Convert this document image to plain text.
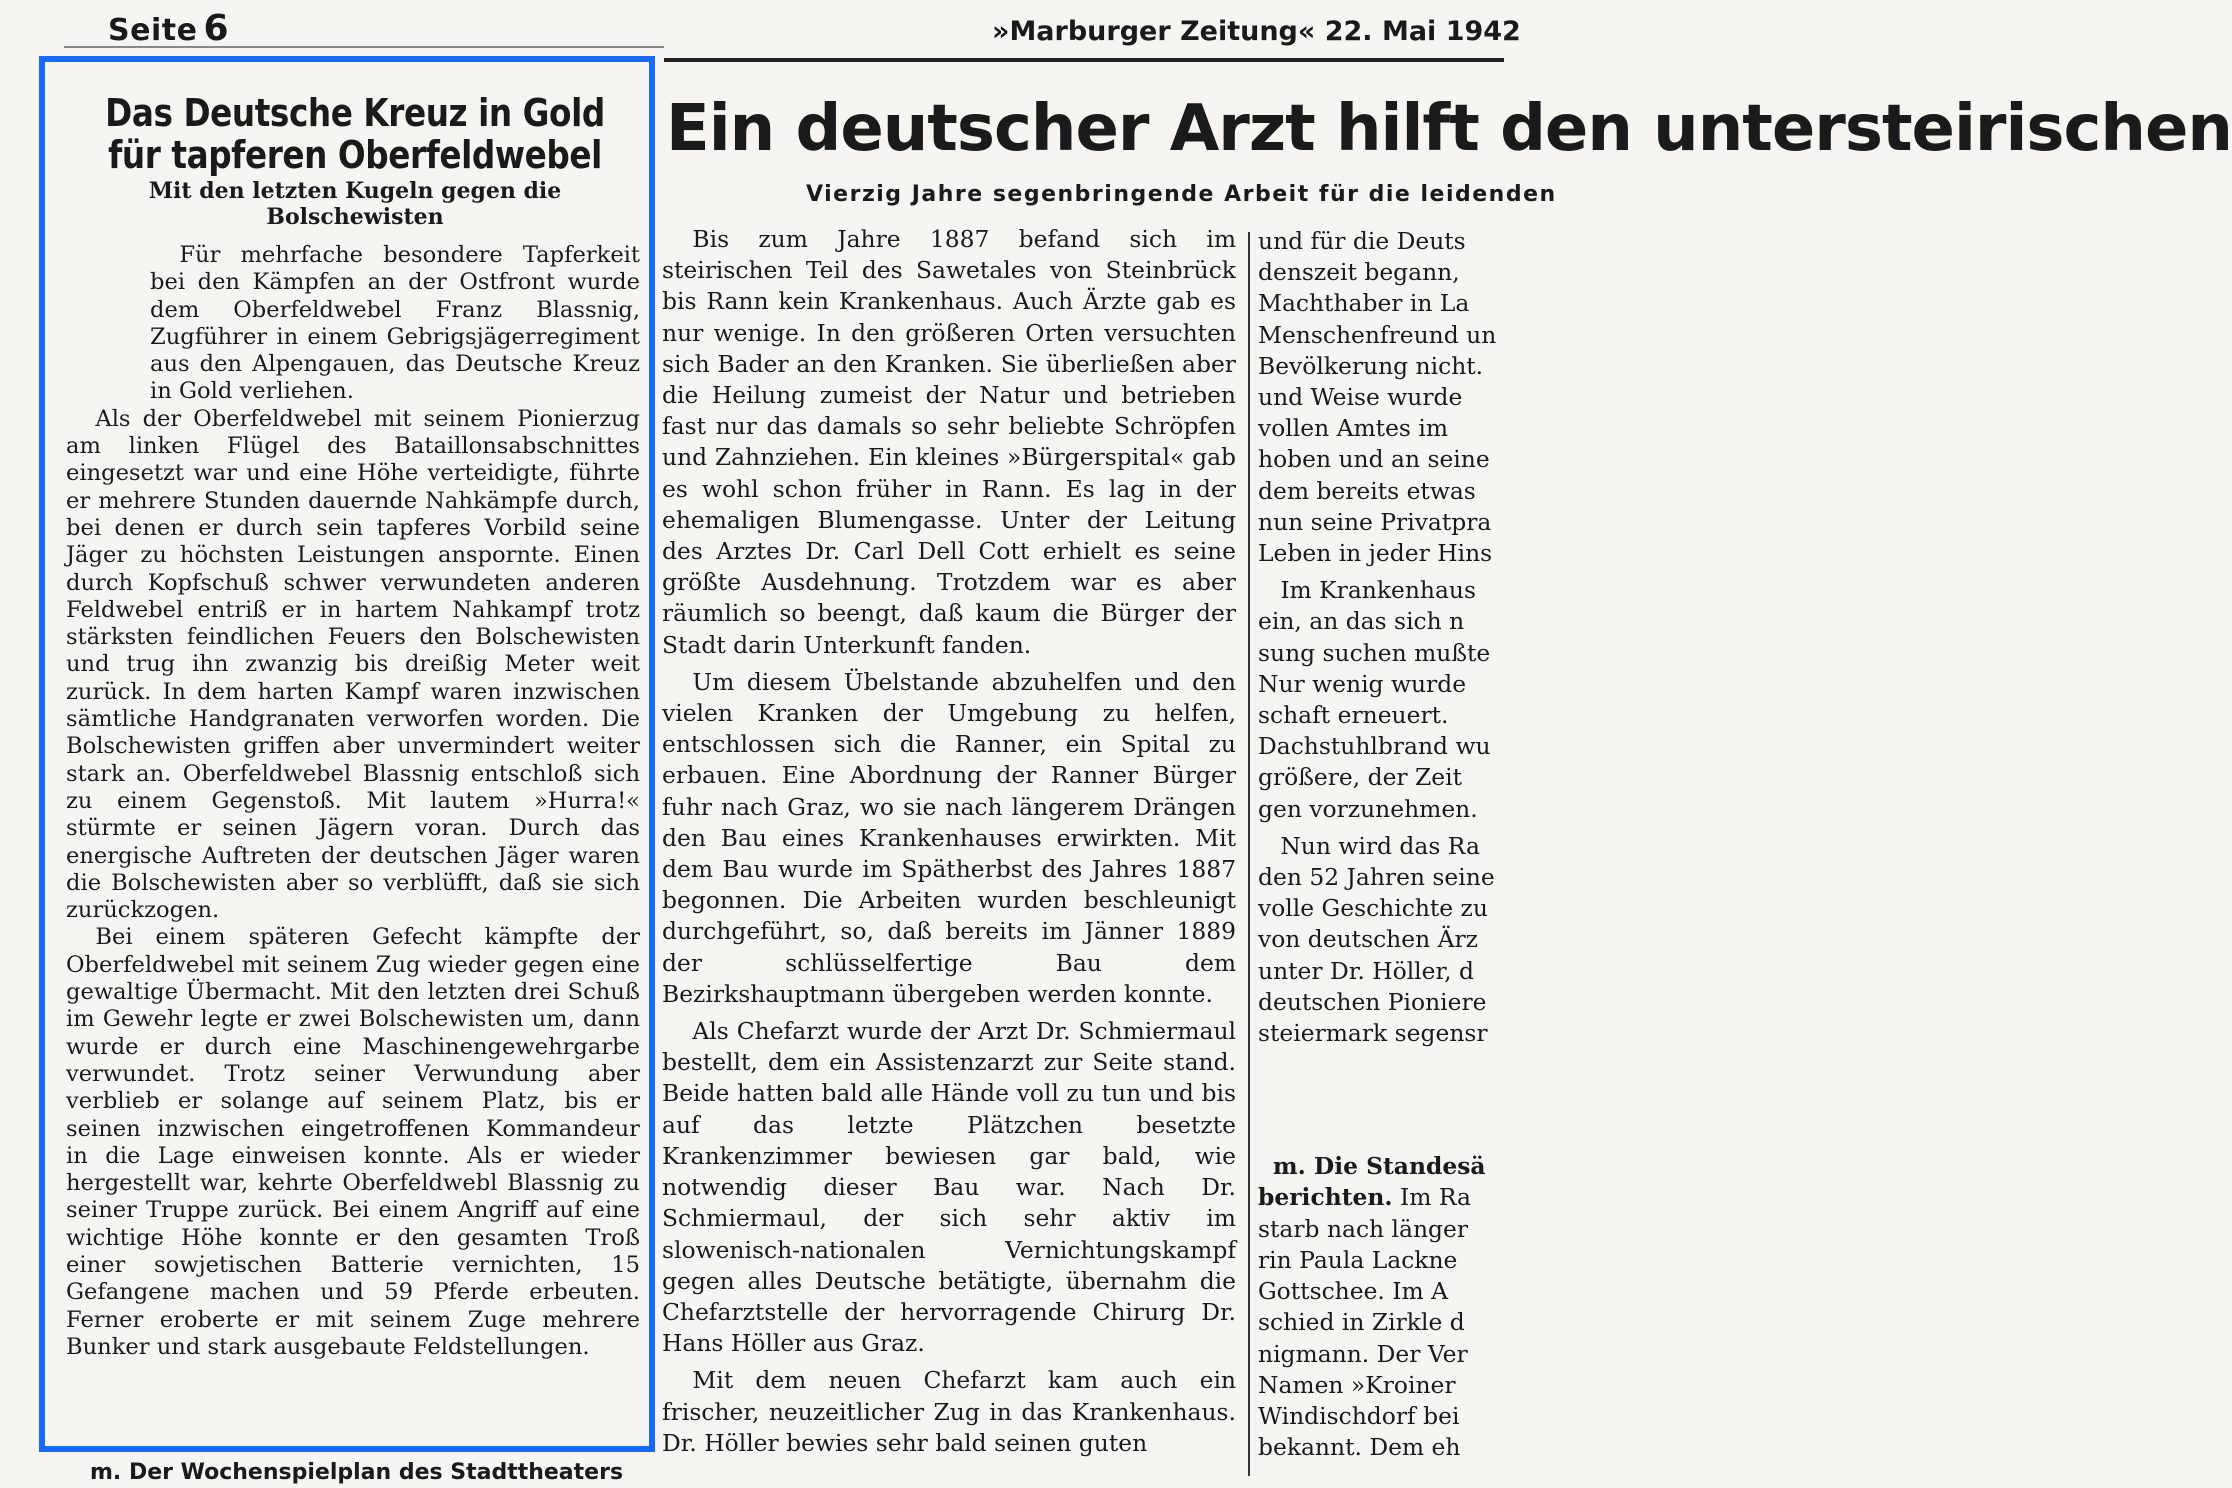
Seite 6	»Marburger Zeitung« 22. Mai 1942
Das Deutsche Kreuz in Gold für tapferen Oberfeldwebel
Mit den letzten Kugeln gegen die Bolschewisten

Für mehrfache besondere Tapferkeit bei den Kämpfen an der Ostfront wurde dem Oberfeldwebel Franz Blassnig, Zugführer in einem Gebrigsjägerregiment aus den Alpengauen, das Deutsche Kreuz in Gold verliehen.

Als der Oberfeldwebel mit seinem Pionierzug am linken Flügel des Bataillonsabschnittes eingesetzt war und eine Höhe verteidigte, führte er mehrere Stunden dauernde Nahkämpfe durch, bei denen er durch sein tapferes Vorbild seine Jäger zu höchsten Leistungen anspornte. Einen durch Kopfschuß schwer verwundeten anderen Feldwebel entriß er in hartem Nahkampf trotz stärksten feindlichen Feuers den Bolschewisten und trug ihn zwanzig bis dreißig Meter weit zurück. In dem harten Kampf waren inzwischen sämtliche Handgranaten verworfen worden. Die Bolschewisten griffen aber unvermindert weiter stark an. Oberfeldwebel Blassnig entschloß sich zu einem Gegenstoß. Mit lautem »Hurra!« stürmte er seinen Jägern voran. Durch das energische Auftreten der deutschen Jäger waren die Bolschewisten aber so verblüfft, daß sie sich zurückzogen.

Bei einem späteren Gefecht kämpfte der Oberfeldwebel mit seinem Zug wieder gegen eine gewaltige Übermacht. Mit den letzten drei Schuß im Gewehr legte er zwei Bolschewisten um, dann wurde er durch eine Maschinengewehrgarbe verwundet. Trotz seiner Verwundung aber verblieb er solange auf seinem Platz, bis er seinen inzwischen eingetroffenen Kommandeur in die Lage einweisen konnte. Als er wieder hergestellt war, kehrte Oberfeldwebl Blassnig zu seiner Truppe zurück. Bei einem Angriff auf eine wichtige Höhe konnte er den gesamten Troß einer sowjetischen Batterie vernichten, 15 Gefangene machen und 59 Pferde erbeuten. Ferner eroberte er mit seinem Zuge mehrere Bunker und stark ausgebaute Feldstellungen.

m. Der Wochenspielplan des Stadttheaters
Ein deutscher Arzt hilft den untersteirischen
Vierzig Jahre segenbringende Arbeit für die leidenden

Bis zum Jahre 1887 befand sich im steirischen Teil des Sawetales von Steinbrück bis Rann kein Krankenhaus. Auch Ärzte gab es nur wenige. In den größeren Orten versuchten sich Bader an den Kranken. Sie überließen aber die Heilung zumeist der Natur und betrieben fast nur das damals so sehr beliebte Schröpfen und Zahnziehen. Ein kleines »Bürgerspital« gab es wohl schon früher in Rann. Es lag in der ehemaligen Blumengasse. Unter der Leitung des Arztes Dr. Carl Dell Cott erhielt es seine größte Ausdehnung. Trotzdem war es aber räumlich so beengt, daß kaum die Bürger der Stadt darin Unterkunft fanden.

Um diesem Übelstande abzuhelfen und den vielen Kranken der Umgebung zu helfen, entschlossen sich die Ranner, ein Spital zu erbauen. Eine Abordnung der Ranner Bürger fuhr nach Graz, wo sie nach längerem Drängen den Bau eines Krankenhauses erwirkten. Mit dem Bau wurde im Spätherbst des Jahres 1887 begonnen. Die Arbeiten wurden beschleunigt durchgeführt, so, daß bereits im Jänner 1889 der schlüsselfertige Bau dem Bezirkshauptmann übergeben werden konnte.

Als Chefarzt wurde der Arzt Dr. Schmiermaul bestellt, dem ein Assistenzarzt zur Seite stand. Beide hatten bald alle Hände voll zu tun und bis auf das letzte Plätzchen besetzte Krankenzimmer bewiesen gar bald, wie notwendig dieser Bau war. Nach Dr. Schmiermaul, der sich sehr aktiv im slowenisch-nationalen Vernichtungskampf gegen alles Deutsche betätigte, übernahm die Chefarztstelle der hervorragende Chirurg Dr. Hans Höller aus Graz.

Mit dem neuen Chefarzt kam auch ein frischer, neuzeitlicher Zug in das Krankenhaus. Dr. Höller bewies sehr bald seinen guten

und für die Deuts
denszeit begann,
Machthaber in La
Menschenfreund un
Bevölkerung nicht.
und Weise wurde
vollen Amtes im
hoben und an seine
dem bereits etwas
nun seine Privatpra
Leben in jeder Hins

Im Krankenhaus
ein, an das sich n
sung suchen mußte
Nur wenig wurde
schaft erneuert.
Dachstuhlbrand wu
größere, der Zeit
gen vorzunehmen.

Nun wird das Ra
den 52 Jahren seine
volle Geschichte zu
von deutschen Ärz
unter Dr. Höller, d
deutschen Pioniere
steiermark segensr

m. Die Standesä
berichten. Im Ra
starb nach länger
rin Paula Lackne
Gottschee. Im A
schied in Zirkle d
nigmann. Der Ver
Namen »Kroiner
Windischdorf bei
bekannt. Dem eh
